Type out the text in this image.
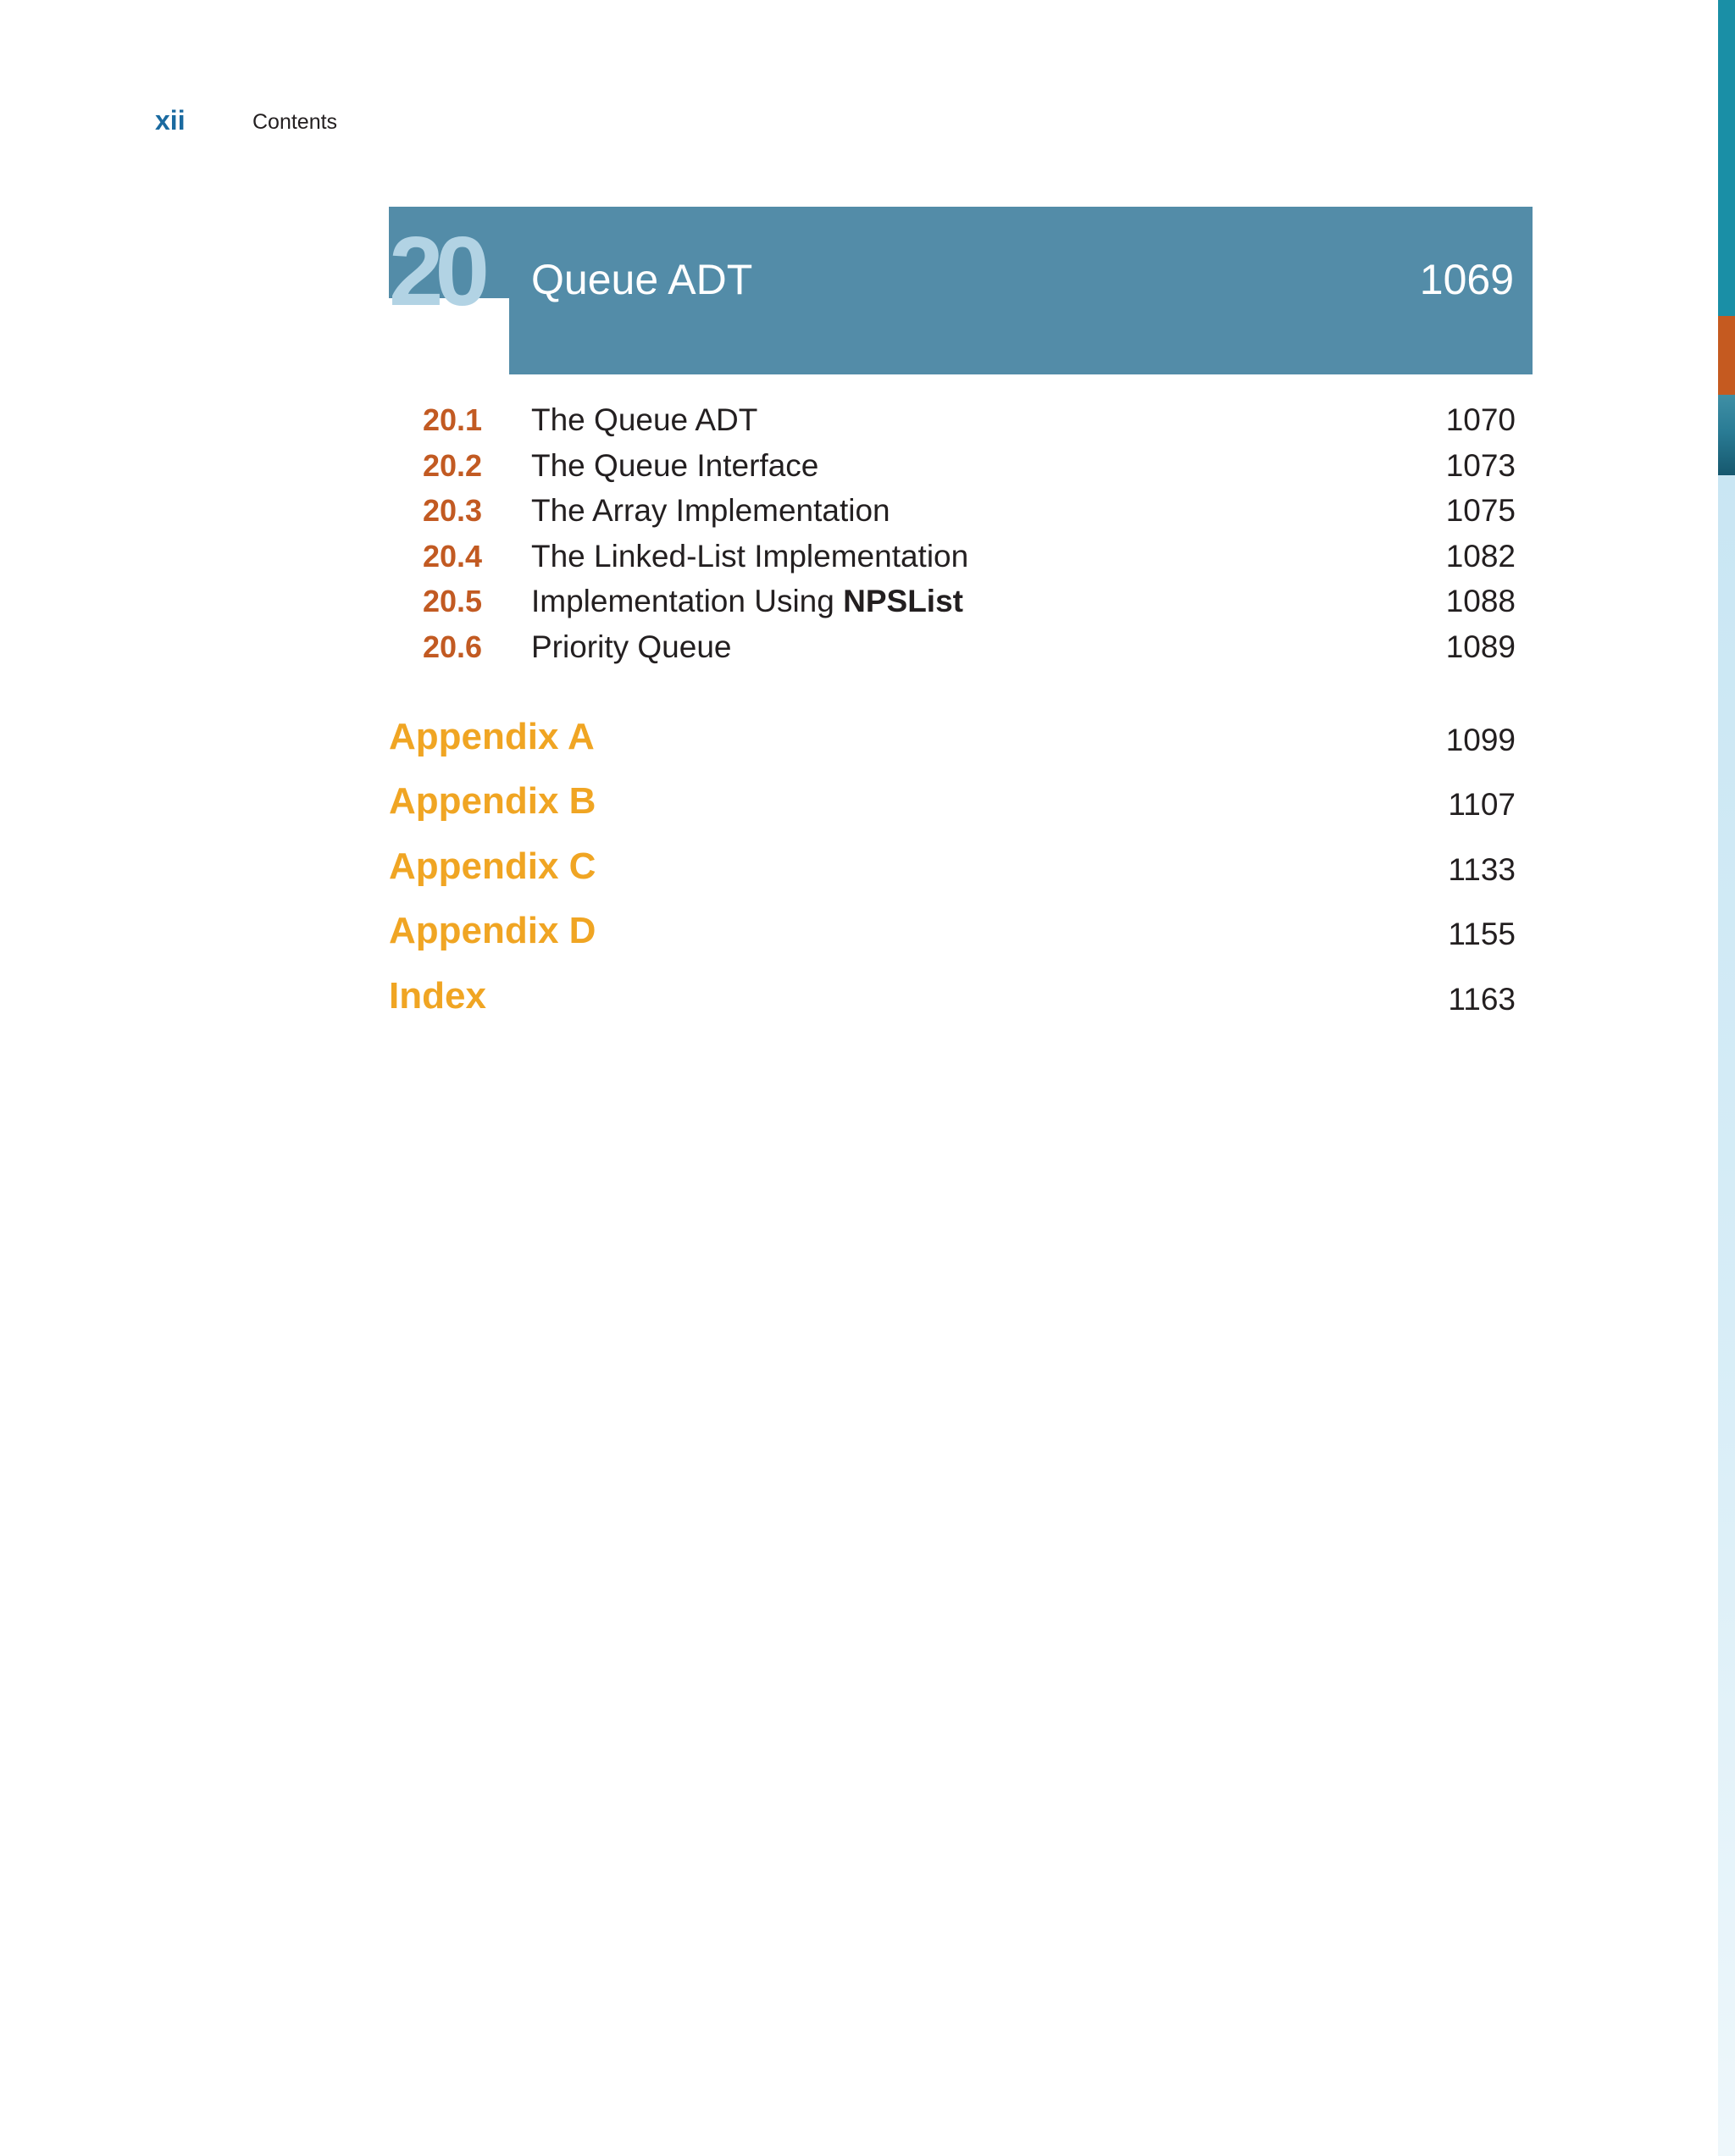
xii	Contents
20 Queue ADT	1069
20.1 The Queue ADT	1070
20.2 The Queue Interface	1073
20.3 The Array Implementation	1075
20.4 The Linked-List Implementation	1082
20.5 Implementation Using NPSList	1088
20.6 Priority Queue	1089
Appendix A	1099
Appendix B	1107
Appendix C	1133
Appendix D	1155
Index	1163
